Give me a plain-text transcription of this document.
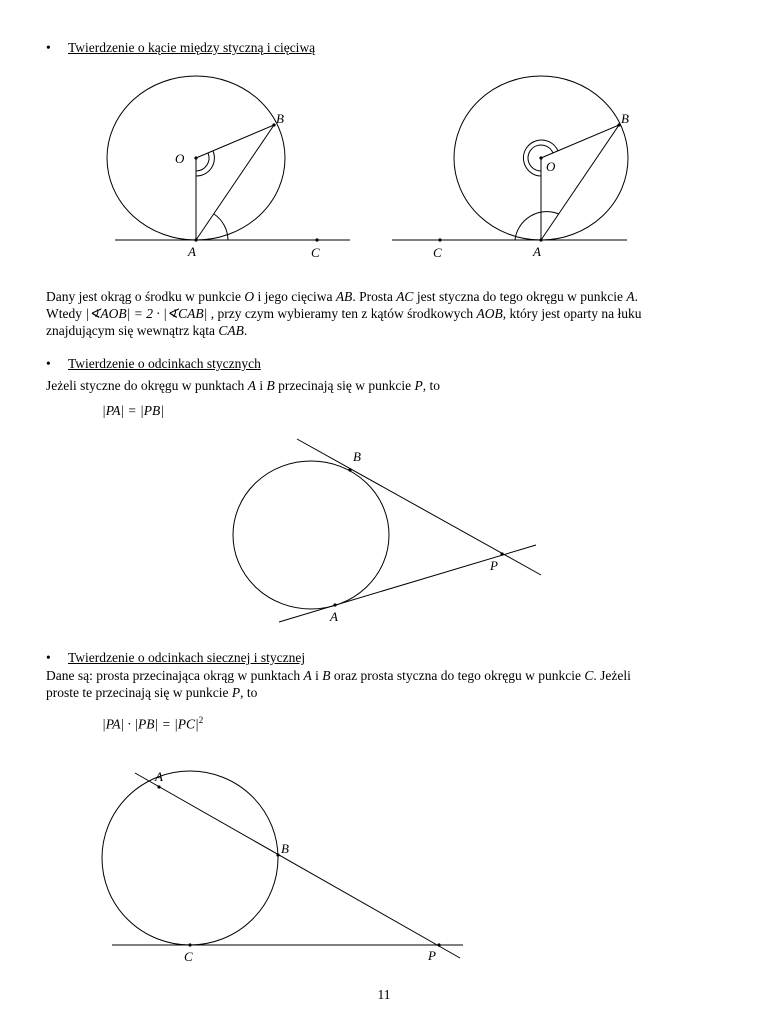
• Twierdzenie o kącie między styczną i cięciwą
B
O
A	C
B
O
A
C
B
P
A
A
B
C	P
Dany jest okrąg o środku w punkcie O i jego cięciwa AB. Prosta AC jest styczna do tego okręgu w punkcie A.
Wtedy |∢AOB| = 2 · |∢CAB| , przy czym wybieramy ten z kątów środkowych AOB, który jest oparty na łuku
znajdującym się wewnątrz kąta CAB.
• Twierdzenie o odcinkach stycznych
Jeżeli styczne do okręgu w punktach A i B przecinają się w punkcie P, to
|PA| = |PB|
• Twierdzenie o odcinkach siecznej i stycznej
Dane są: prosta przecinająca okrąg w punktach A i B oraz prosta styczna do tego okręgu w punkcie C. Jeżeli
proste te przecinają się w punkcie P, to
$|PA| \cdot |PB| = |PC|^2$
11
